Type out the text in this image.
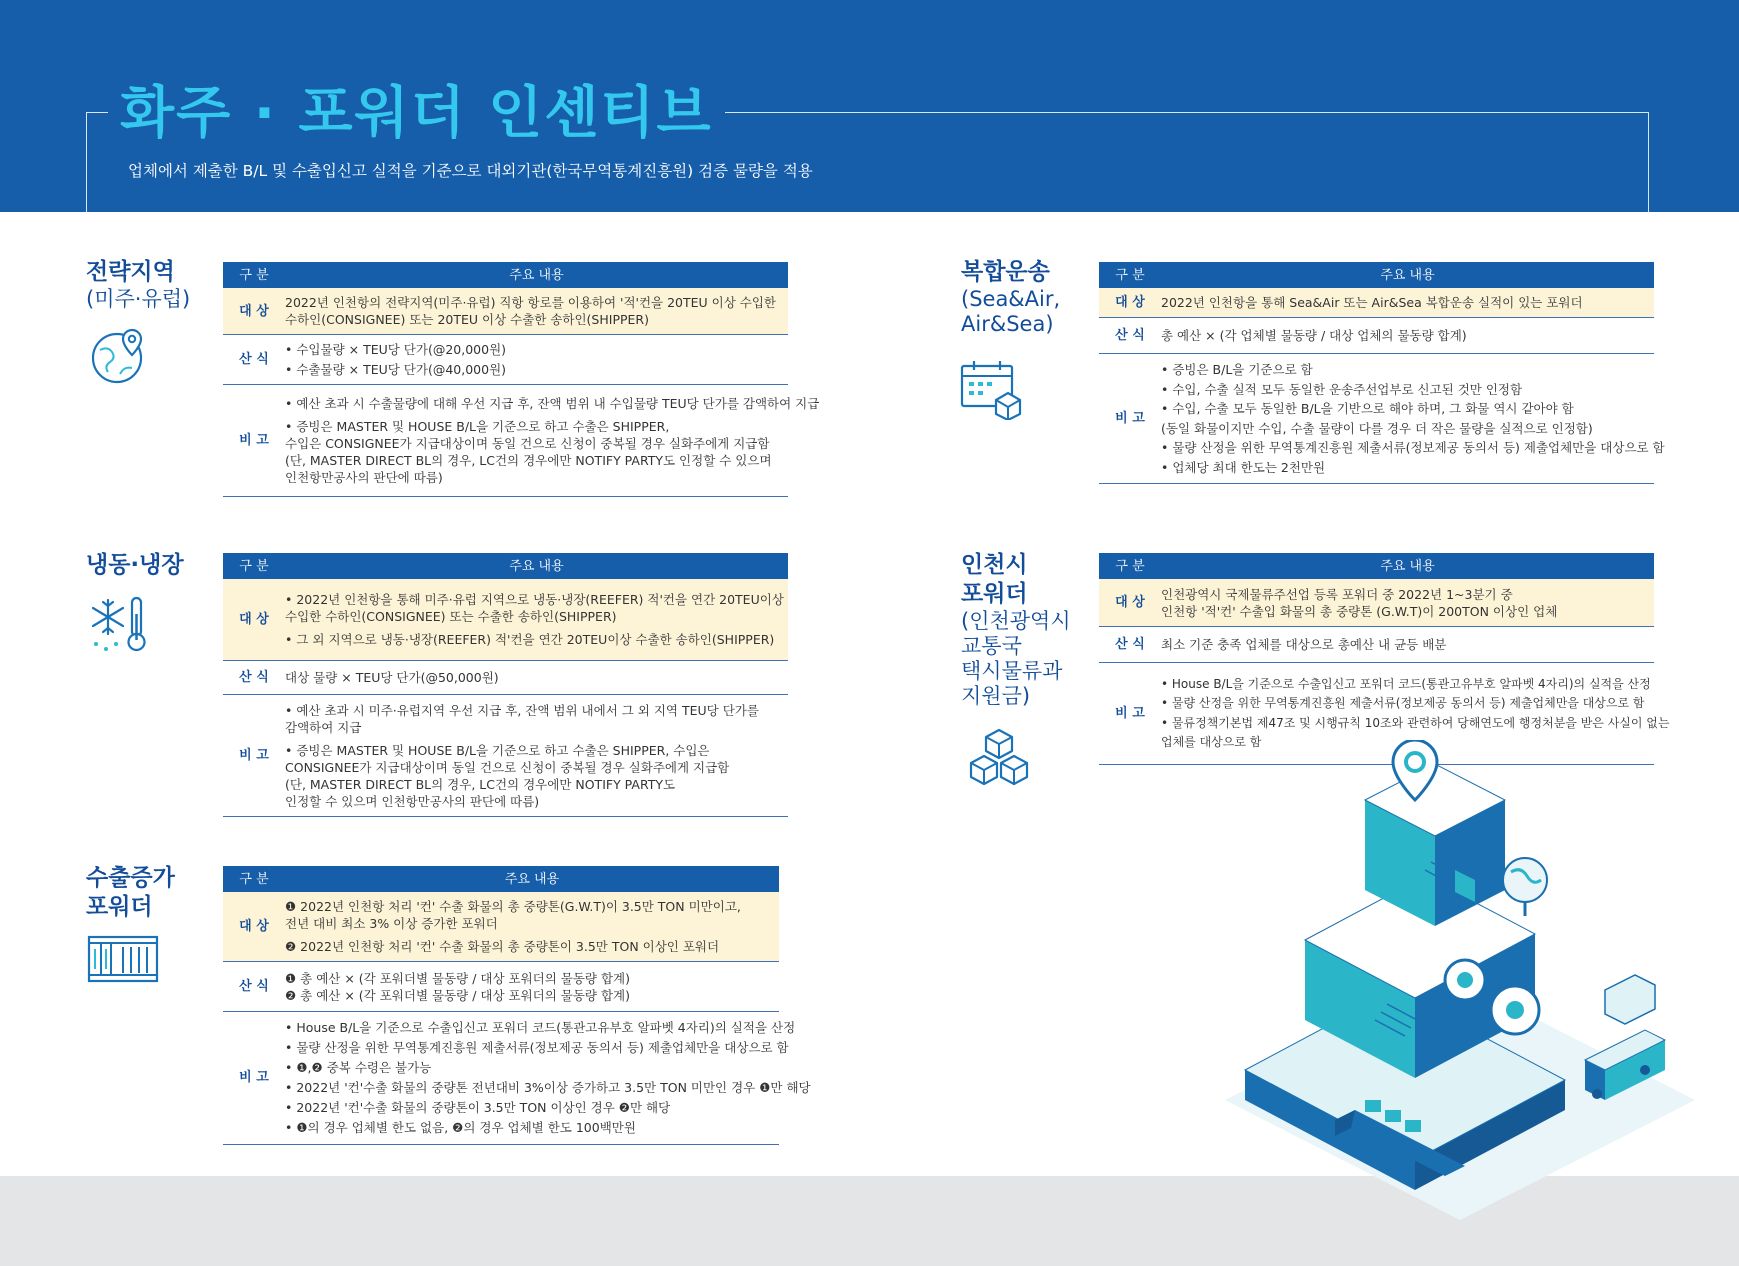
화주 · 포워더 인센티브
업체에서 제출한 B/L 및 수출입신고 실적을 기준으로 대외기관(한국무역통계진흥원) 검증 물량을 적용
전략지역
(미주·유럽)
구 분	주요 내용
대 상
2022년 인천항의 전략지역(미주·유럽) 직항 항로를 이용하여 '적'컨을 20TEU 이상 수입한
수하인(CONSIGNEE) 또는 20TEU 이상 수출한 송하인(SHIPPER)
산 식
• 수입물량 × TEU당 단가(@20,000원)
• 수출물량 × TEU당 단가(@40,000원)
비 고
• 예산 초과 시 수출물량에 대해 우선 지급 후, 잔액 범위 내 수입물량 TEU당 단가를 감액하여 지급
• 증빙은 MASTER 및 HOUSE B/L을 기준으로 하고 수출은 SHIPPER,
수입은 CONSIGNEE가 지급대상이며 동일 건으로 신청이 중복될 경우 실화주에게 지급함
(단, MASTER DIRECT BL의 경우, LC건의 경우에만 NOTIFY PARTY도 인정할 수 있으며
인천항만공사의 판단에 따름)
냉동·냉장	구 분	주요 내용
대 상
• 2022년 인천항을 통해 미주·유럽 지역으로 냉동·냉장(REEFER) 적'컨을 연간 20TEU이상
수입한 수하인(CONSIGNEE) 또는 수출한 송하인(SHIPPER)
• 그 외 지역으로 냉동·냉장(REEFER) 적'컨을 연간 20TEU이상 수출한 송하인(SHIPPER)
산 식	대상 물량 × TEU당 단가(@50,000원)
비 고
• 예산 초과 시 미주·유럽지역 우선 지급 후, 잔액 범위 내에서 그 외 지역 TEU당 단가를
감액하여 지급
• 증빙은 MASTER 및 HOUSE B/L을 기준으로 하고 수출은 SHIPPER, 수입은
CONSIGNEE가 지급대상이며 동일 건으로 신청이 중복될 경우 실화주에게 지급함
(단, MASTER DIRECT BL의 경우, LC건의 경우에만 NOTIFY PARTY도
인정할 수 있으며 인천항만공사의 판단에 따름)
수출증가
포워더
구 분	주요 내용
대 상
❶ 2022년 인천항 처리 '컨' 수출 화물의 총 중량톤(G.W.T)이 3.5만 TON 미만이고,
전년 대비 최소 3% 이상 증가한 포워더
❷ 2022년 인천항 처리 '컨' 수출 화물의 총 중량톤이 3.5만 TON 이상인 포워더
산 식
❶ 총 예산 × (각 포워더별 물동량 / 대상 포워더의 물동량 합계)
❷ 총 예산 × (각 포워더별 물동량 / 대상 포워더의 물동량 합계)
비 고
• House B/L을 기준으로 수출입신고 포워더 코드(통관고유부호 알파벳 4자리)의 실적을 산정
• 물량 산정을 위한 무역통계진흥원 제출서류(정보제공 동의서 등) 제출업체만을 대상으로 함
• ❶,❷ 중복 수령은 불가능
• 2022년 '컨'수출 화물의 중량톤 전년대비 3%이상 증가하고 3.5만 TON 미만인 경우 ❶만 해당
• 2022년 '컨'수출 화물의 중량톤이 3.5만 TON 이상인 경우 ❷만 해당
• ❶의 경우 업체별 한도 없음, ❷의 경우 업체별 한도 100백만원
복합운송
(Sea&Air,
Air&Sea)
구 분	주요 내용
대 상	2022년 인천항을 통해 Sea&Air 또는 Air&Sea 복합운송 실적이 있는 포워더
산 식	총 예산 × (각 업체별 물동량 / 대상 업체의 물동량 합계)
비 고
• 증빙은 B/L을 기준으로 함
• 수입, 수출 실적 모두 동일한 운송주선업부로 신고된 것만 인정함
• 수입, 수출 모두 동일한 B/L을 기반으로 해야 하며, 그 화물 역시 같아야 함
(동일 화물이지만 수입, 수출 물량이 다를 경우 더 작은 물량을 실적으로 인정함)
• 물량 산정을 위한 무역통계진흥원 제출서류(정보제공 동의서 등) 제출업체만을 대상으로 함
• 업체당 최대 한도는 2천만원
인천시
포워더
(인천광역시
교통국
택시물류과
지원금)
구 분	주요 내용
대 상
인천광역시 국제물류주선업 등록 포워더 중 2022년 1~3분기 중
인천항 '적'컨' 수출입 화물의 총 중량톤 (G.W.T)이 200TON 이상인 업체
산 식	최소 기준 충족 업체를 대상으로 총예산 내 균등 배분
비 고
• House B/L을 기준으로 수출입신고 포워더 코드(통관고유부호 알파벳 4자리)의 실적을 산정
• 물량 산정을 위한 무역통계진흥원 제출서류(정보제공 동의서 등) 제출업체만을 대상으로 함
• 물류정책기본법 제47조 및 시행규칙 10조와 관련하여 당해연도에 행정처분을 받은 사실이 없는
업체를 대상으로 함
